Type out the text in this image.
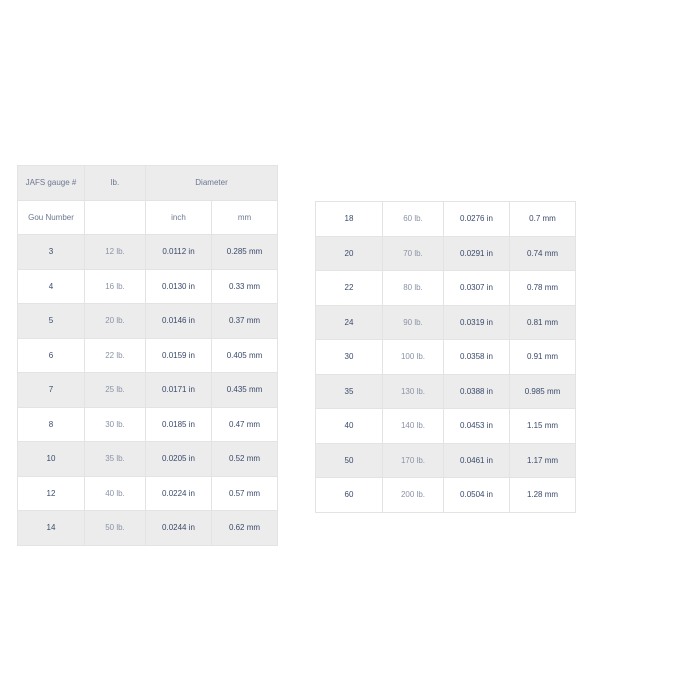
JAFS gauge #	lb.	Diameter	
Gou Number		inch	mm
3	12 lb.	0.0112 in	0.285 mm
4	16 lb.	0.0130 in	0.33 mm
5	20 lb.	0.0146 in	0.37 mm
6	22 lb.	0.0159 in	0.405 mm
7	25 lb.	0.0171 in	0.435 mm
8	30 lb.	0.0185 in	0.47 mm
10	35 lb.	0.0205 in	0.52 mm
12	40 lb.	0.0224 in	0.57 mm
14	50 lb.	0.0244 in	0.62 mm
18	60 lb.	0.0276 in	0.7 mm
20	70 lb.	0.0291 in	0.74 mm
22	80 lb.	0.0307 in	0.78 mm
24	90 lb.	0.0319 in	0.81 mm
30	100 lb.	0.0358 in	0.91 mm
35	130 lb.	0.0388 in	0.985 mm
40	140 lb.	0.0453 in	1.15 mm
50	170 lb.	0.0461 in	1.17 mm
60	200 lb.	0.0504 in	1.28 mm
